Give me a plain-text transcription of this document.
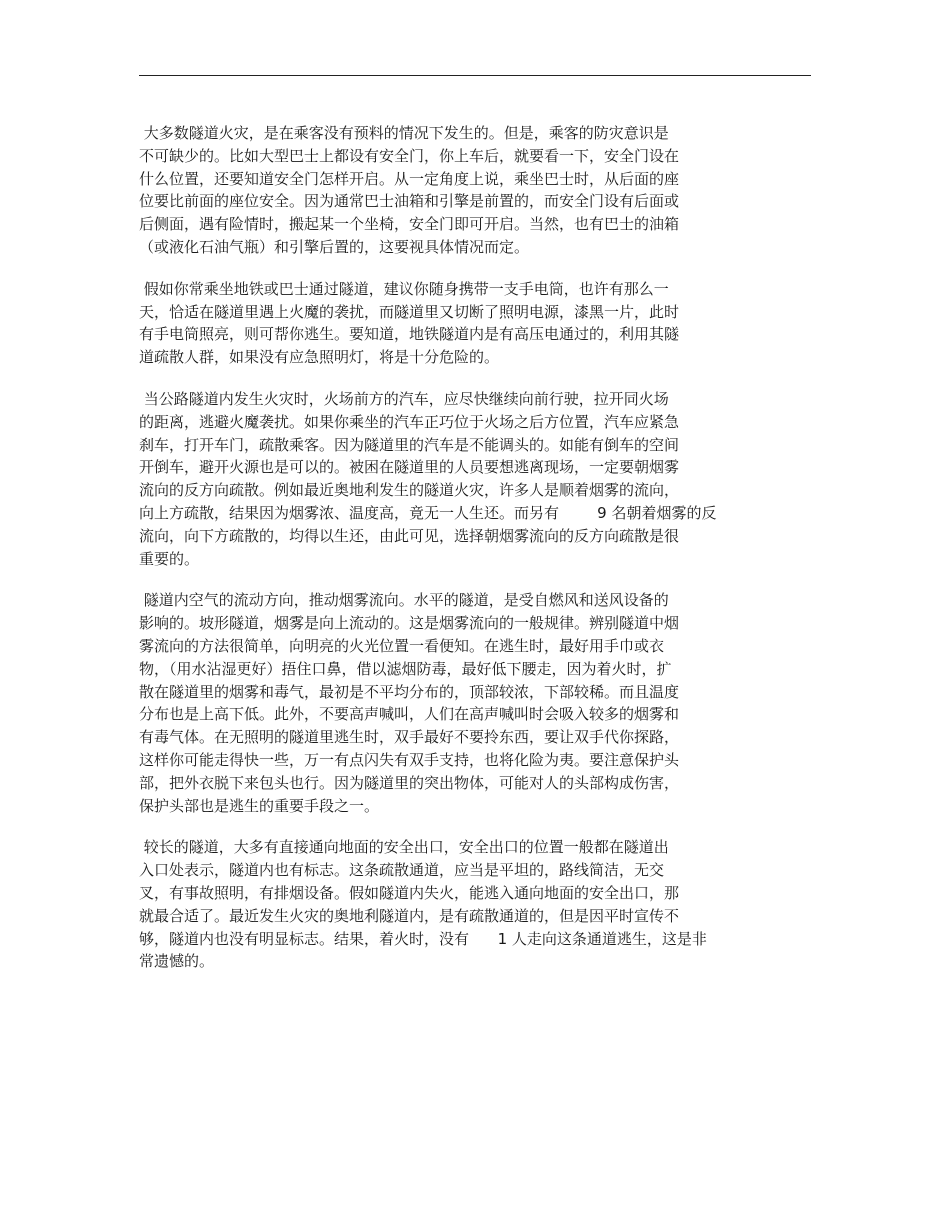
大多数隧道火灾，是在乘客没有预料的情况下发生的。但是，乘客的防灾意识是
不可缺少的。比如大型巴士上都设有安全门，你上车后，就要看一下，安全门设在
什么位置，还要知道安全门怎样开启。从一定角度上说，乘坐巴士时，从后面的座
位要比前面的座位安全。因为通常巴士油箱和引擎是前置的，而安全门设有后面或
后侧面，遇有险情时，搬起某一个坐椅，安全门即可开启。当然，也有巴士的油箱
（或液化石油气瓶）和引擎后置的，这要视具体情况而定。
假如你常乘坐地铁或巴士通过隧道，建议你随身携带一支手电筒，也许有那么一
天，恰适在隧道里遇上火魔的袭扰，而隧道里又切断了照明电源，漆黑一片，此时
有手电筒照亮，则可帮你逃生。要知道，地铁隧道内是有高压电通过的，利用其隧
道疏散人群，如果没有应急照明灯，将是十分危险的。
当公路隧道内发生火灾时，火场前方的汽车，应尽快继续向前行驶，拉开同火场
的距离，逃避火魔袭扰。如果你乘坐的汽车正巧位于火场之后方位置，汽车应紧急
刹车，打开车门，疏散乘客。因为隧道里的汽车是不能调头的。如能有倒车的空间
开倒车，避开火源也是可以的。被困在隧道里的人员要想逃离现场，一定要朝烟雾
流向的反方向疏散。例如最近奥地利发生的隧道火灾，许多人是顺着烟雾的流向，
向上方疏散，结果因为烟雾浓、温度高，竟无一人生还。而另有        9 名朝着烟雾的反
流向，向下方疏散的，均得以生还，由此可见，选择朝烟雾流向的反方向疏散是很
重要的。
隧道内空气的流动方向，推动烟雾流向。水平的隧道，是受自燃风和送风设备的
影响的。坡形隧道，烟雾是向上流动的。这是烟雾流向的一般规律。辨别隧道中烟
雾流向的方法很简单，向明亮的火光位置一看便知。在逃生时，最好用手巾或衣
物，（用水沾湿更好）捂住口鼻，借以滤烟防毒，最好低下腰走，因为着火时，扩
散在隧道里的烟雾和毒气，最初是不平均分布的，顶部较浓，下部较稀。而且温度
分布也是上高下低。此外，不要高声喊叫，人们在高声喊叫时会吸入较多的烟雾和
有毒气体。在无照明的隧道里逃生时，双手最好不要拎东西，要让双手代你探路，
这样你可能走得快一些，万一有点闪失有双手支持，也将化险为夷。要注意保护头
部，把外衣脱下来包头也行。因为隧道里的突出物体，可能对人的头部构成伤害，
保护头部也是逃生的重要手段之一。
较长的隧道，大多有直接通向地面的安全出口，安全出口的位置一般都在隧道出
入口处表示，隧道内也有标志。这条疏散通道，应当是平坦的，路线简洁，无交
叉，有事故照明，有排烟设备。假如隧道内失火，能逃入通向地面的安全出口，那
就最合适了。最近发生火灾的奥地利隧道内，是有疏散通道的，但是因平时宣传不
够，隧道内也没有明显标志。结果，着火时，没有      1 人走向这条通道逃生，这是非
常遗憾的。
